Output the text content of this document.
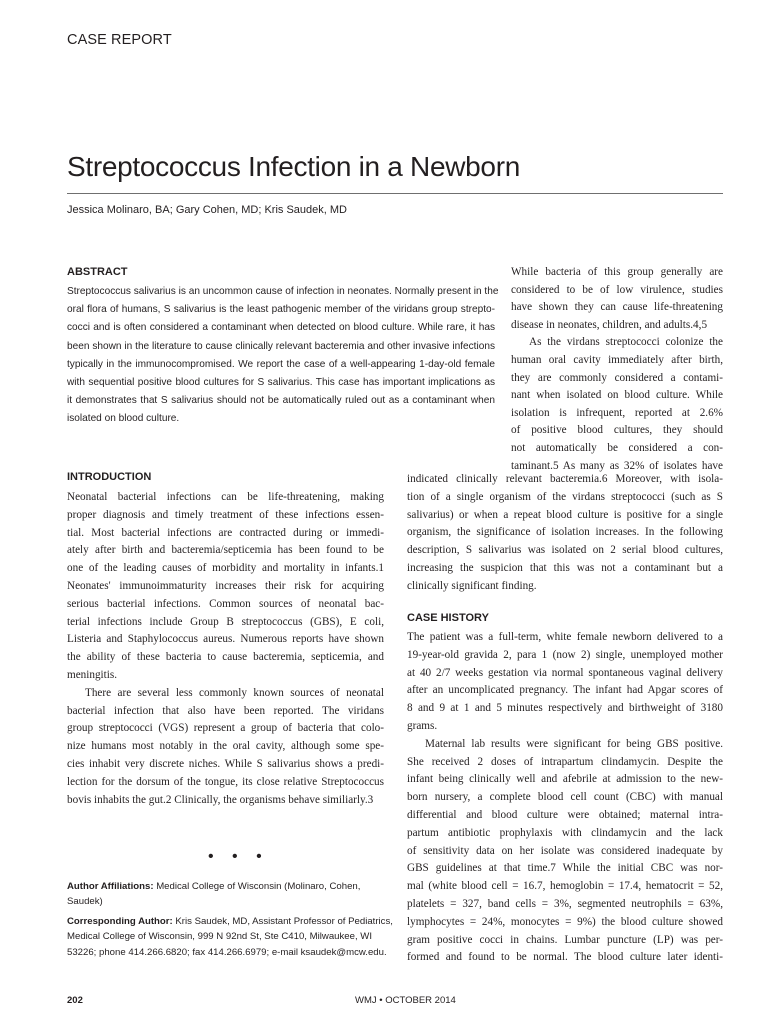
CASE REPORT
Streptococcus Infection in a Newborn
Jessica Molinaro, BA; Gary Cohen, MD; Kris Saudek, MD
ABSTRACT
Streptococcus salivarius is an uncommon cause of infection in neonates. Normally present in the
oral flora of humans, S salivarius is the least pathogenic member of the viridans group strepto-
cocci and is often considered a contaminant when detected on blood culture. While rare, it has
been shown in the literature to cause clinically relevant bacteremia and other invasive infections
typically in the immunocompromised. We report the case of a well-appearing 1-day-old female
with sequential positive blood cultures for S salivarius. This case has important implications as
it demonstrates that S salivarius should not be automatically ruled out as a contaminant when
isolated on blood culture.
INTRODUCTION
Neonatal bacterial infections can be life-threatening, making
proper diagnosis and timely treatment of these infections essen-
tial. Most bacterial infections are contracted during or immedi-
ately after birth and bacteremia/septicemia has been found to be
one of the leading causes of morbidity and mortality in infants.1
Neonates' immunoimmaturity increases their risk for acquiring
serious bacterial infections. Common sources of neonatal bac-
terial infections include Group B streptococcus (GBS), E coli,
Listeria and Staphylococcus aureus. Numerous reports have shown
the ability of these bacteria to cause bacteremia, septicemia, and
meningitis.
There are several less commonly known sources of neonatal
bacterial infection that also have been reported. The viridans
group streptococci (VGS) represent a group of bacteria that colo-
nize humans most notably in the oral cavity, although some spe-
cies inhabit very discrete niches. While S salivarius shows a predi-
lection for the dorsum of the tongue, its close relative Streptococcus
bovis inhabits the gut.2 Clinically, the organisms behave similiarly.3
While bacteria of this group generally are
considered to be of low virulence, studies
have shown they can cause life-threatening
disease in neonates, children, and adults.4,5
As the virdans streptococci colonize the
human oral cavity immediately after birth,
they are commonly considered a contami-
nant when isolated on blood culture. While
isolation is infrequent, reported at 2.6%
of positive blood cultures, they should
not automatically be considered a con-
taminant.5 As many as 32% of isolates have
indicated clinically relevant bacteremia.6 Moreover, with isola-
tion of a single organism of the virdans streptococci (such as S
salivarius) or when a repeat blood culture is positive for a single
organism, the significance of isolation increases. In the following
description, S salivarius was isolated on 2 serial blood cultures,
increasing the suspicion that this was not a contaminant but a
clinically significant finding.
CASE HISTORY
The patient was a full-term, white female newborn delivered to a
19-year-old gravida 2, para 1 (now 2) single, unemployed mother
at 40 2/7 weeks gestation via normal spontaneous vaginal delivery
after an uncomplicated pregnancy. The infant had Apgar scores of
8 and 9 at 1 and 5 minutes respectively and birthweight of 3180
grams.
Maternal lab results were significant for being GBS positive.
She received 2 doses of intrapartum clindamycin. Despite the
infant being clinically well and afebrile at admission to the new-
born nursery, a complete blood cell count (CBC) with manual
differential and blood culture were obtained; maternal intra-
partum antibiotic prophylaxis with clindamycin and the lack
of sensitivity data on her isolate was considered inadequate by
GBS guidelines at that time.7 While the initial CBC was nor-
mal (white blood cell = 16.7, hemoglobin = 17.4, hematocrit = 52,
platelets = 327, band cells = 3%, segmented neutrophils = 63%,
lymphocytes = 24%, monocytes = 9%) the blood culture showed
gram positive cocci in chains. Lumbar puncture (LP) was per-
formed and found to be normal. The blood culture later identi-
• • •
Author Affiliations: Medical College of Wisconsin (Molinaro, Cohen,
Saudek)
Corresponding Author: Kris Saudek, MD, Assistant Professor of Pediatrics,
Medical College of Wisconsin, 999 N 92nd St, Ste C410, Milwaukee, WI
53226; phone 414.266.6820; fax 414.266.6979; e-mail ksaudek@mcw.edu.
202	WMJ • OCTOBER 2014
